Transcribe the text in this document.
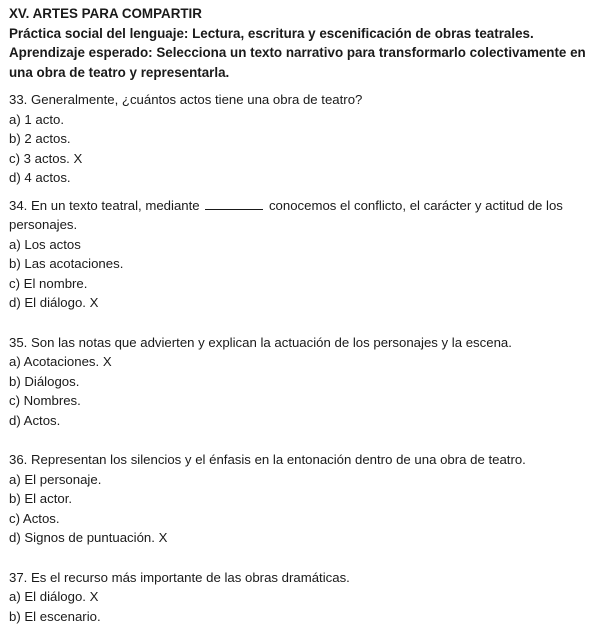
XV. ARTES PARA COMPARTIR
Práctica social del lenguaje: Lectura, escritura y escenificación de obras teatrales.
Aprendizaje esperado: Selecciona un texto narrativo para transformarlo colectivamente en una obra de teatro y representarla.
33. Generalmente, ¿cuántos actos tiene una obra de teatro?
a) 1 acto.
b) 2 actos.
c) 3 actos. X
d) 4 actos.
34. En un texto teatral, mediante	conocemos el conflicto, el carácter y actitud de los personajes.
a) Los actos
b) Las acotaciones.
c) El nombre.
d) El diálogo. X
35. Son las notas que advierten y explican la actuación de los personajes y la escena.
a) Acotaciones. X
b) Diálogos.
c) Nombres.
d) Actos.
36. Representan los silencios y el énfasis en la entonación dentro de una obra de teatro.
a) El personaje.
b) El actor.
c) Actos.
d) Signos de puntuación. X
37. Es el recurso más importante de las obras dramáticas.
a) El diálogo. X
b) El escenario.
